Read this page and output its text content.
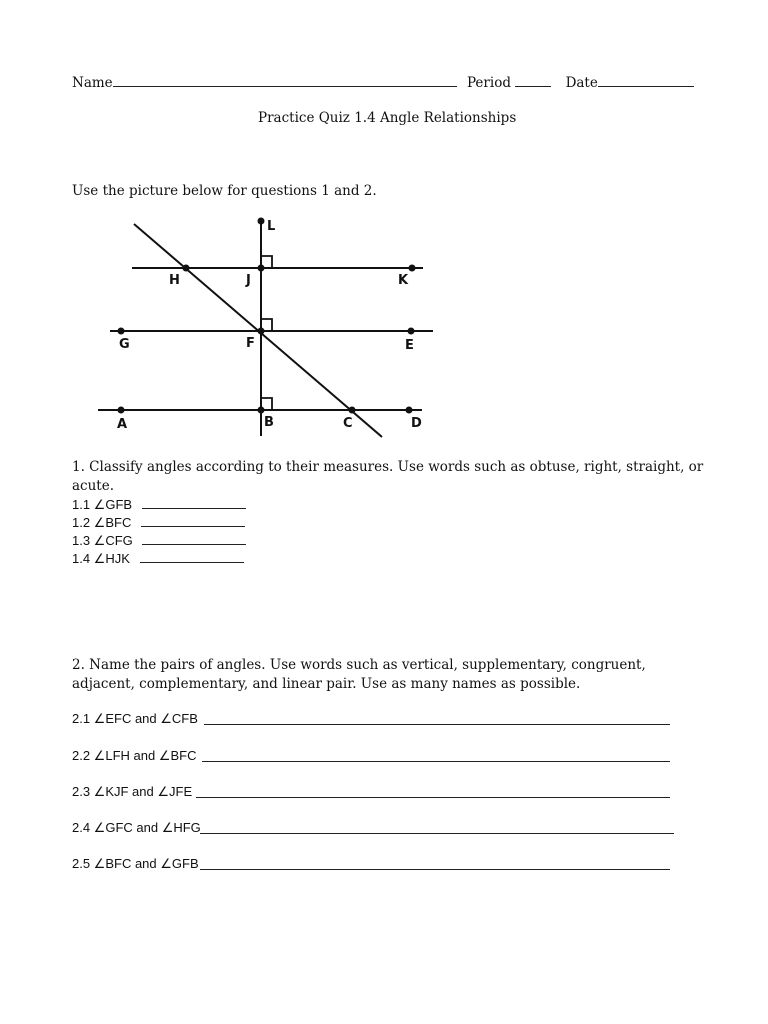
Name	Period	Date
Practice Quiz 1.4 Angle Relationships
Use the picture below for questions 1 and 2.
L
H	J	K
G	F	E
A	B	C	D
1. Classify angles according to their measures. Use words such as obtuse, right, straight, or
acute.
1.1 ∠GFB
1.2 ∠BFC
1.3 ∠CFG
1.4 ∠HJK
2. Name the pairs of angles. Use words such as vertical, supplementary, congruent,
adjacent, complementary, and linear pair. Use as many names as possible.
2.1 ∠EFC and ∠CFB
2.2 ∠LFH and ∠BFC
2.3 ∠KJF and ∠JFE
2.4 ∠GFC and ∠HFG
2.5 ∠BFC and ∠GFB
